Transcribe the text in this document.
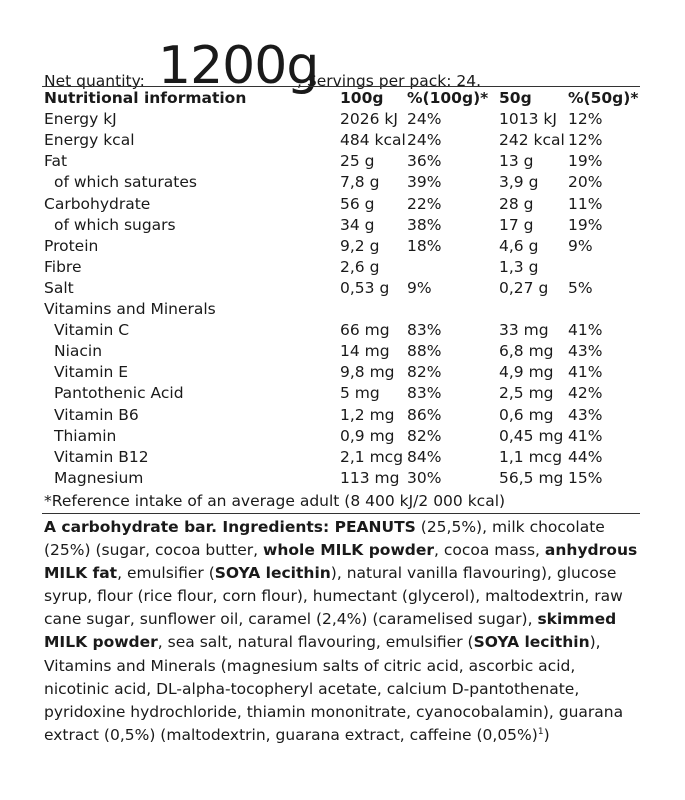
Net quantity: 1200g
, Servings per pack: 24.
Nutritional information	100g %(100g)* 50g %(50g)*
Energy kJ	2026 kJ 24%	1013 kJ 12%
Energy kcal	484 kcal 24%	242 kcal 12%
Fat	25 g 36%	13 g 19%
of which saturates	7,8 g 39%	3,9 g 20%
Carbohydrate	56 g 22%	28 g 11%
of which sugars	34 g 38%	17 g 19%
Protein	9,2 g 18%	4,6 g 9%
Fibre	2,6 g	1,3 g
Salt	0,53 g 9%	0,27 g 5%
Vitamins and Minerals
Vitamin C	66 mg 83%	33 mg 41%
Niacin	14 mg 88%	6,8 mg 43%
Vitamin E	9,8 mg 82%	4,9 mg 41%
Pantothenic Acid	5 mg 83%	2,5 mg 42%
Vitamin B6	1,2 mg 86%	0,6 mg 43%
Thiamin	0,9 mg 82%	0,45 mg 41%
Vitamin B12	2,1 mcg 84%	1,1 mcg 44%
Magnesium	113 mg 30%	56,5 mg 15%
*Reference intake of an average adult (8 400 kJ/2 000 kcal)
A carbohydrate bar. Ingredients: PEANUTS (25,5%), milk chocolate (25%) (sugar, cocoa butter, whole MILK powder, cocoa mass, anhydrous MILK fat, emulsifier (SOYA lecithin), natural vanilla flavouring), glucose syrup, flour (rice flour, corn flour), humectant (glycerol), maltodextrin, raw cane sugar, sunflower oil, caramel (2,4%) (caramelised sugar), skimmed MILK powder, sea salt, natural flavouring, emulsifier (SOYA lecithin), Vitamins and Minerals (magnesium salts of citric acid, ascorbic acid, nicotinic acid, DL-alpha-tocopheryl acetate, calcium D-pantothenate, pyridoxine hydrochloride, thiamin mononitrate, cyanocobalamin), guarana extract (0,5%) (maltodextrin, guarana extract, caffeine $(0,05\%)^1$)
